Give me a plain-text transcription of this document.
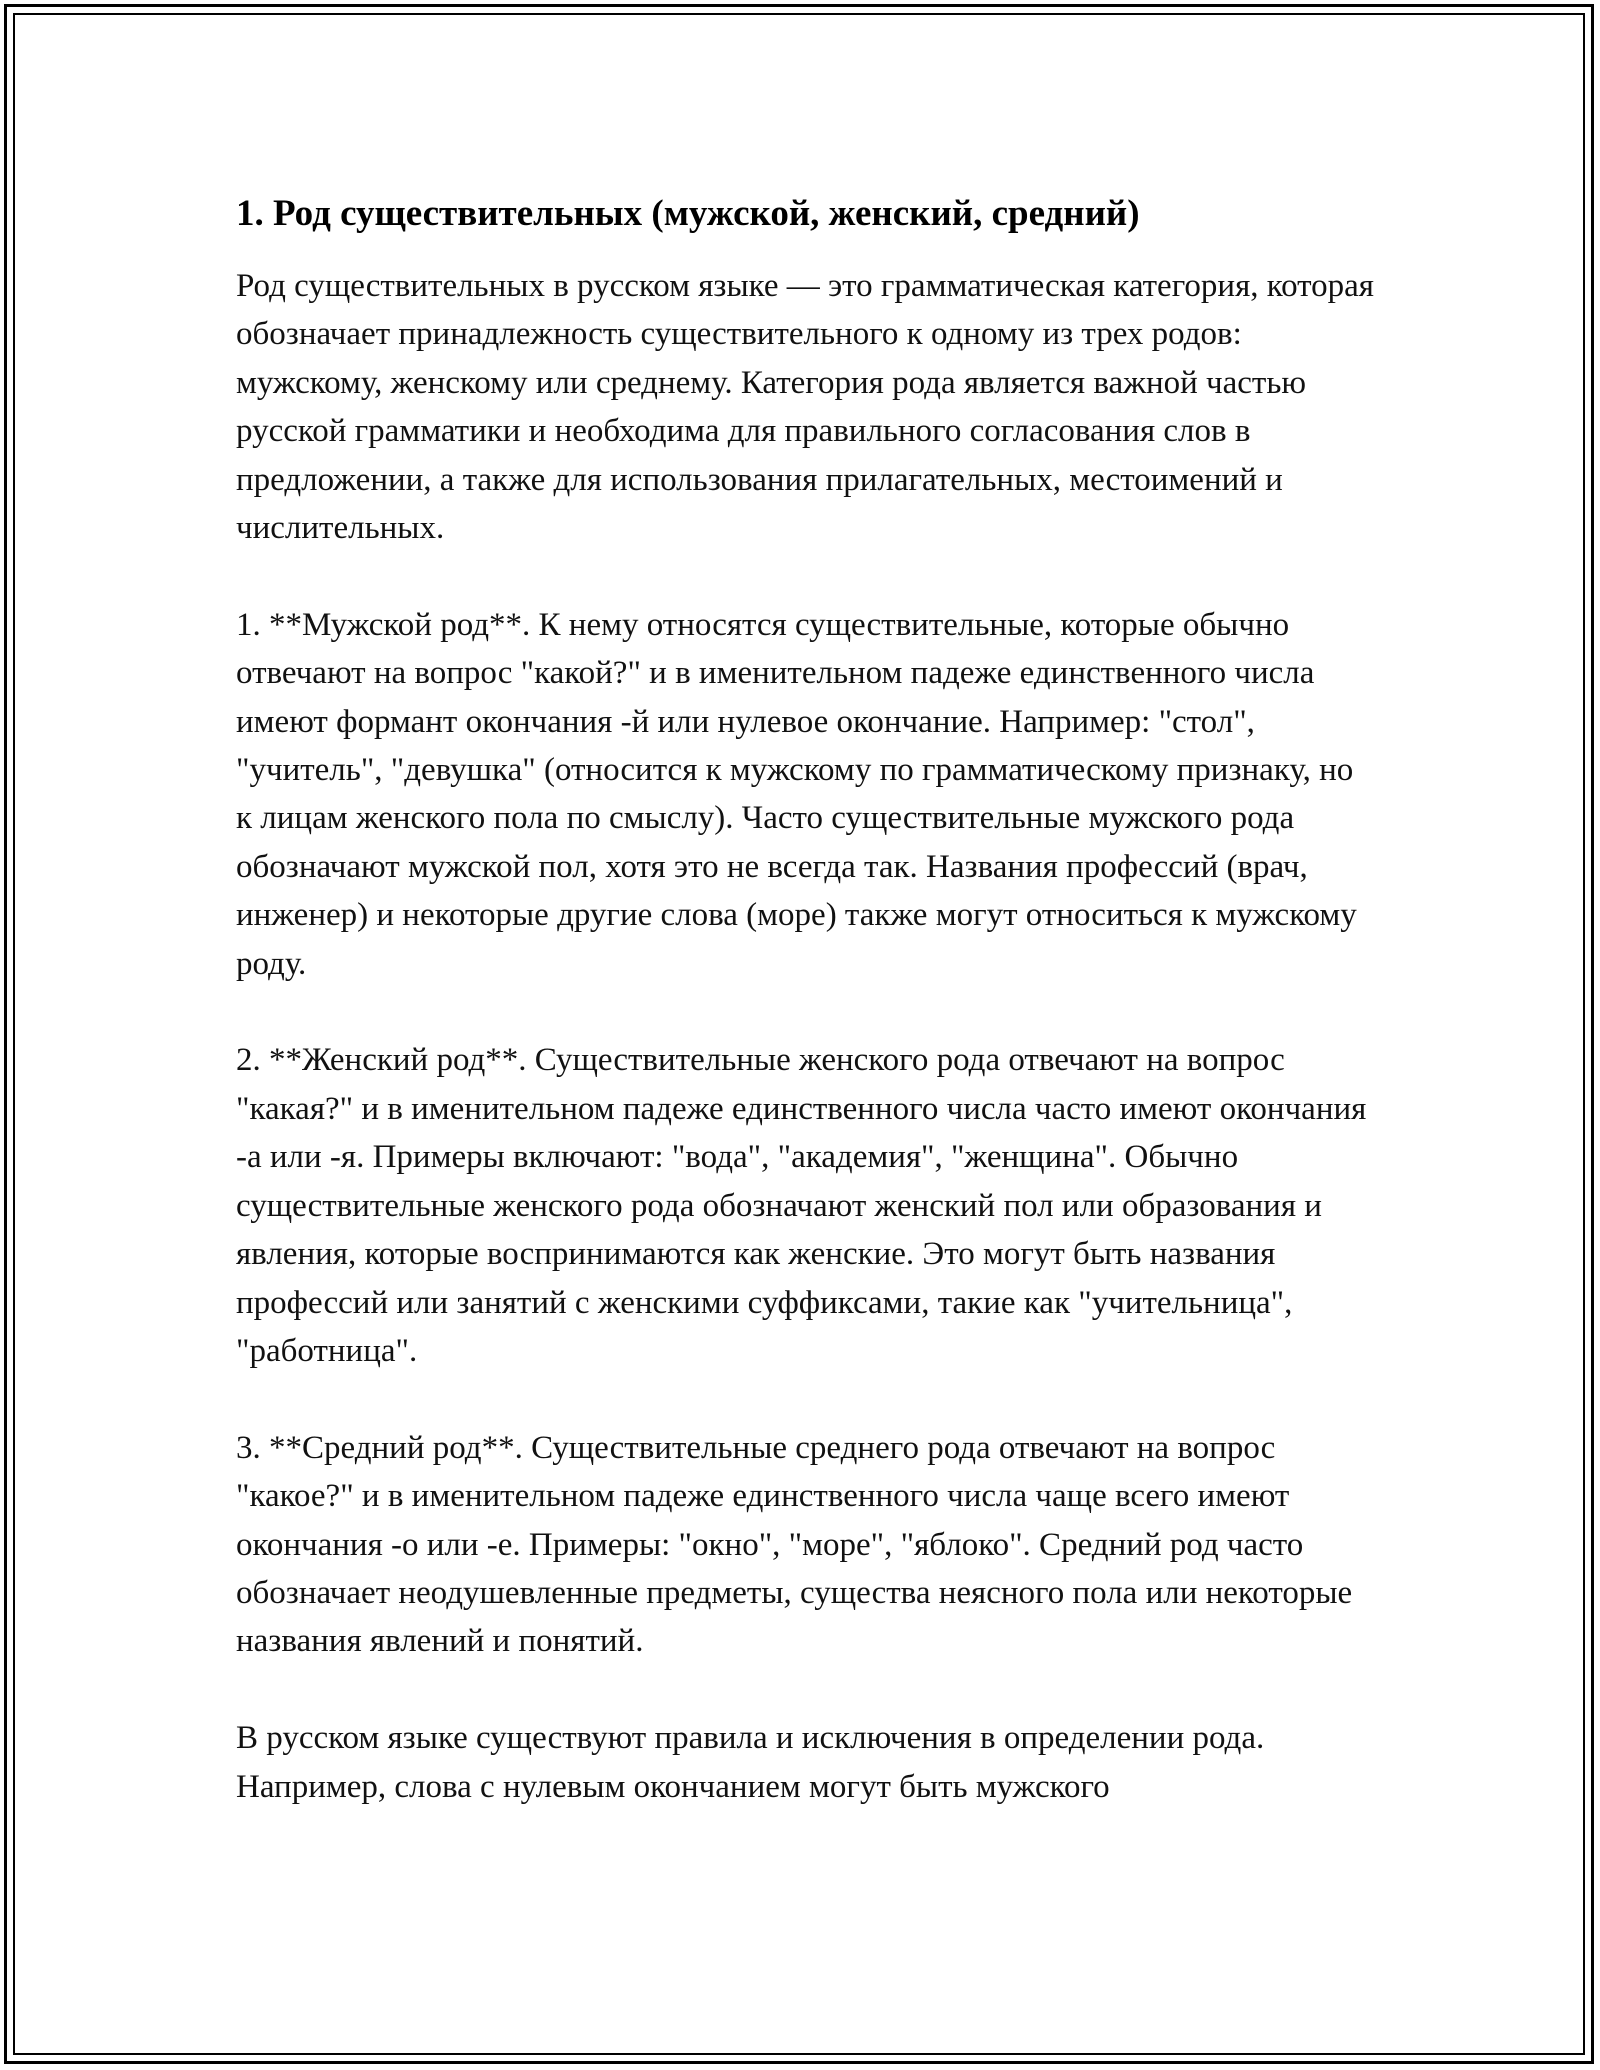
1. Род существительных (мужской, женский, средний)

Род существительных в русском языке — это грамматическая категория, которая обозначает принадлежность существительного к одному из трех родов: мужскому, женскому или среднему. Категория рода является важной частью русской грамматики и необходима для правильного согласования слов в предложении, а также для использования прилагательных, местоимений и числительных.

1. **Мужской род**. К нему относятся существительные, которые обычно отвечают на вопрос "какой?" и в именительном падеже единственного числа имеют формант окончания -й или нулевое окончание. Например: "стол", "учитель", "девушка" (относится к мужскому по грамматическому признаку, но к лицам женского пола по смыслу). Часто существительные мужского рода обозначают мужской пол, хотя это не всегда так. Названия профессий (врач, инженер) и некоторые другие слова (море) также могут относиться к мужскому роду.

2. **Женский род**. Существительные женского рода отвечают на вопрос "какая?" и в именительном падеже единственного числа часто имеют окончания -а или -я. Примеры включают: "вода", "академия", "женщина". Обычно существительные женского рода обозначают женский пол или образования и явления, которые воспринимаются как женские. Это могут быть названия профессий или занятий с женскими суффиксами, такие как "учительница", "работница".

3. **Средний род**. Существительные среднего рода отвечают на вопрос "какое?" и в именительном падеже единственного числа чаще всего имеют окончания -о или -е. Примеры: "окно", "море", "яблоко". Средний род часто обозначает неодушевленные предметы, существа неясного пола или некоторые названия явлений и понятий.

В русском языке существуют правила и исключения в определении рода. Например, слова с нулевым окончанием могут быть мужского
